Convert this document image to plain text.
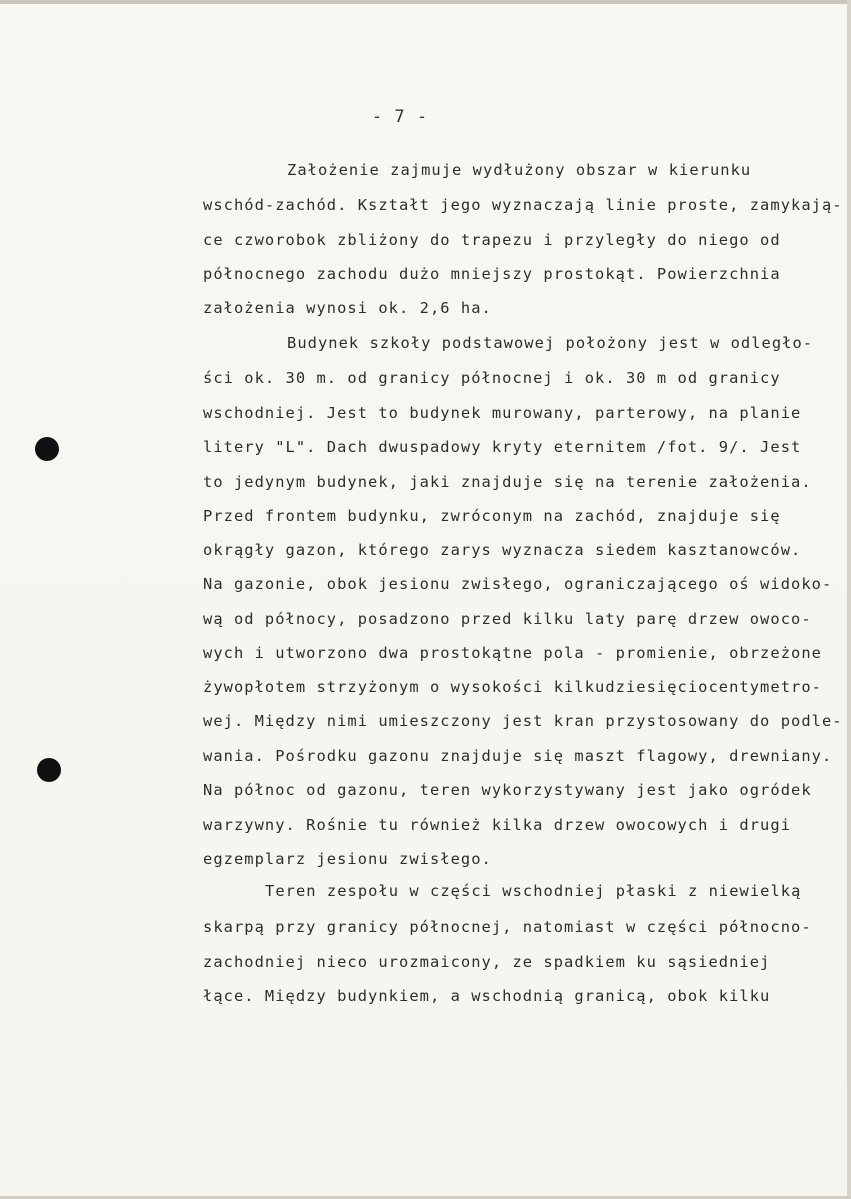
- 7 -
Założenie zajmuje wydłużony obszar w kierunku
wschód-zachód. Kształt jego wyznaczają linie proste, zamykają-
ce czworobok zbliżony do trapezu i przyległy do niego od
północnego zachodu dużo mniejszy prostokąt. Powierzchnia
założenia wynosi ok. 2,6 ha.
Budynek szkoły podstawowej położony jest w odległo-
ści ok. 30 m. od granicy północnej i ok. 30 m od granicy
wschodniej. Jest to budynek murowany, parterowy, na planie
litery "L". Dach dwuspadowy kryty eternitem /fot. 9/. Jest
to jedynym budynek, jaki znajduje się na terenie założenia.
Przed frontem budynku, zwróconym na zachód, znajduje się
okrągły gazon, którego zarys wyznacza siedem kasztanowców.
Na gazonie, obok jesionu zwisłego, ograniczającego oś widoko-
wą od północy, posadzono przed kilku laty parę drzew owoco-
wych i utworzono dwa prostokątne pola - promienie, obrzeżone
żywopłotem strzyżonym o wysokości kilkudziesięciocentymetro-
wej. Między nimi umieszczony jest kran przystosowany do podle-
wania. Pośrodku gazonu znajduje się maszt flagowy, drewniany.
Na północ od gazonu, teren wykorzystywany jest jako ogródek
warzywny. Rośnie tu również kilka drzew owocowych i drugi
egzemplarz jesionu zwisłego.
Teren zespołu w części wschodniej płaski z niewielką
skarpą przy granicy północnej, natomiast w części północno-
zachodniej nieco urozmaicony, ze spadkiem ku sąsiedniej
łące. Między budynkiem, a wschodnią granicą, obok kilku
